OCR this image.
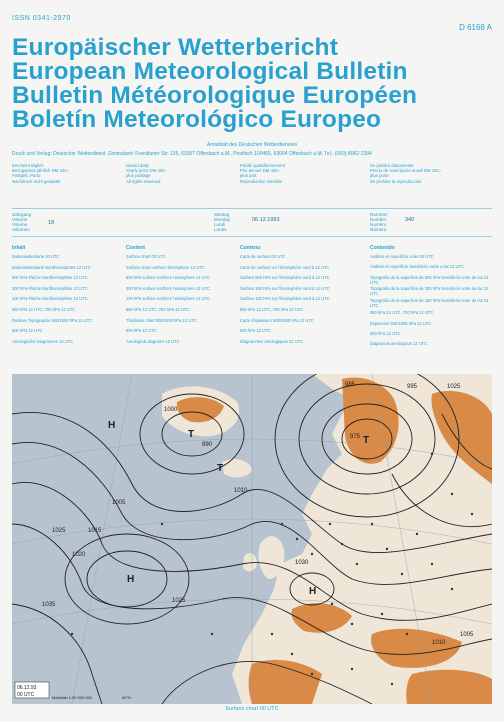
ISSN 0341-2970
D 6168 A
Europäischer Wetterbericht
European Meteorological Bulletin
Bulletin Météorologique Européen
Boletín Meteorológico Europeo
Amtsblatt des Deutschen Wetterdienstes
Druck und Verlag: Deutscher Wetterdienst -Zentralamt- Frankfurter Str. 135, 63067 Offenbach a.M., Postfach 100465, 63004 Offenbach a.M. Tel.: (069) 8062-2284
Erscheint täglich
Bezugspreis jährlich DM 420,-
Postgeb. Porto
Nachdruck nicht gestattet
Issued daily
Yearly price DM 420,-
plus postage
All rights reserved
Publié quotidiennement
Prix annuel DM 420,-
plus port
Reproduction interdite
Se publica diariamente
Precio de suscripción anual DM 420,-
plus porte
Se prohibe la reproducción
Jahrgang
Volume
Volume
Volumen
18
Montag
Monday
Lundi
Lunes
06.12.1993
Nummer
Number
Numéro
Número
340
Inhalt
Bodenwetterkarte 00 UTC
Bodenwetterkarte Nordhemisphäre 12 UTC
500 hPa-Fläche Nordhemisphäre 12 UTC
300 hPa-Fläche Nordhemisphäre 12 UTC
100 hPa-Fläche Nordhemisphäre 12 UTC
850 hPa 12 UTC, 700 hPa 12 UTC
Relative Topographie 500/1000 hPa 12 UTC
500 hPa 12 UTC
Aerologische Diagramme 12 UTC
Content
Surface chart 00 UTC
Surface chart northern hemisphere 12 UTC
500 hPa surface northern hemisphere 12 UTC
300 hPa surface northern hemisphere 12 UTC
100 hPa surface northern hemisphere 12 UTC
850 hPa 12 UTC, 700 hPa 12 UTC
Thickness chart 500/1000 hPa 12 UTC
500 hPa 12 UTC
Aerological diagrams 12 UTC
Contenu
Carte de surface 00 UTC
Carte de surface sur l'hémisphère nord à 12 UTC
Surface 500 hPa sur l'hémisphère nord à 12 UTC
Surface 300 hPa sur l'hémisphère nord à 12 UTC
Surface 100 hPa sur l'hémisphère nord à 12 UTC
850 hPa 12 UTC, 700 hPa 12 UTC
Carte d'épaisseur 500/1000 hPa 12 UTC
500 hPa 12 UTC
Diagrammes aérologiques 12 UTC
Contenido
Análisis en superficie a las 00 UTC
Análisis en superficie hemisferio norte a las 12 UTC
Topografía de la superficie de 500 hPa hemisferio norte de las 12 UTC
Topografía de la superficie de 300 hPa hemisferio norte de las 12 UTC
Topografía de la superficie de 100 hPa hemisferio norte de las 12 UTC
850 hPa 12 UTC, 700 hPa 12 UTC
Espesores 500/1000 hPa 12 UTC
500 hPa 12 UTC
Diagramas aerológicos 12 UTC
1000
990
985	995
975
1005
1010
1015
1020
1025
1030
1035
1025
1025
1010
1005
H
H
H
T
T
T
06.12.93
00 UTC	Maßstab 1:30 000 000	60°N
Surface chart 00 UTC
